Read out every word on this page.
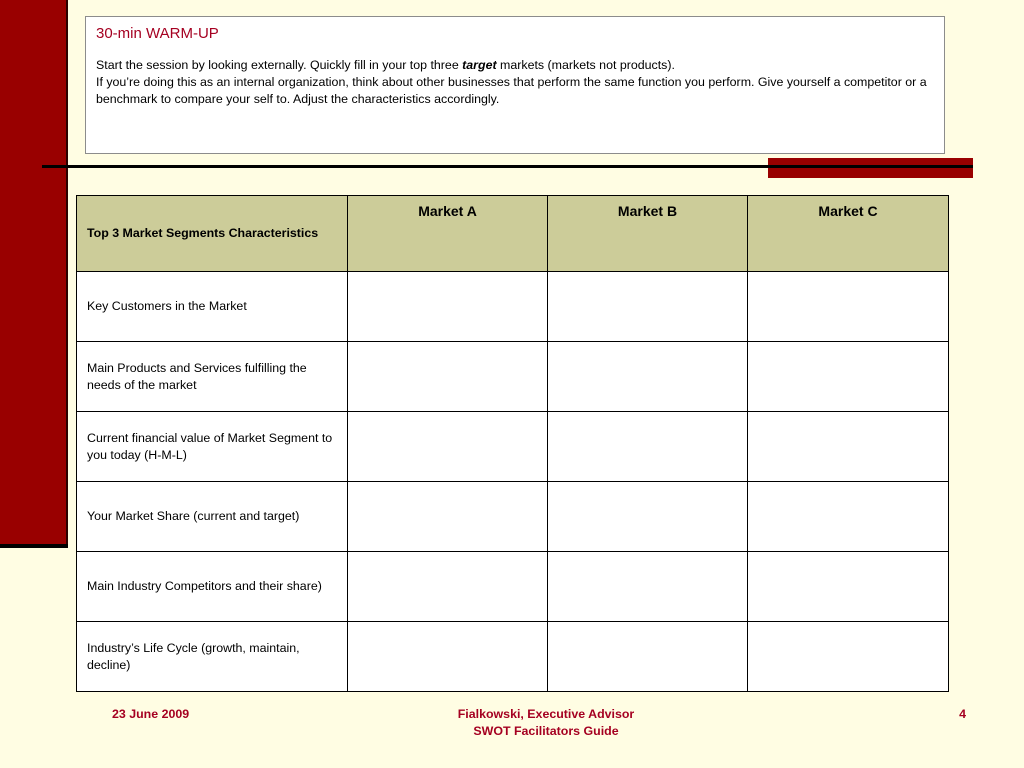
30-min WARM-UP

Start the session by looking externally. Quickly fill in your top three target markets (markets not products).
If you’re doing this as an internal organization, think about other businesses that perform the same function you perform. Give yourself a competitor or a benchmark to compare your self to. Adjust the characteristics accordingly.

Top 3 Market Segments Characteristics	Market A	Market B	Market C
Key Customers in the Market			
Main Products and Services fulfilling the needs of the market			
Current financial value of Market Segment to you today (H-M-L)			
Your Market Share (current and target)			
Main Industry Competitors and their share)			
Industry’s Life Cycle (growth, maintain, decline)			
23 June 2009	Fialkowski, Executive Advisor
SWOT Facilitators Guide
4
